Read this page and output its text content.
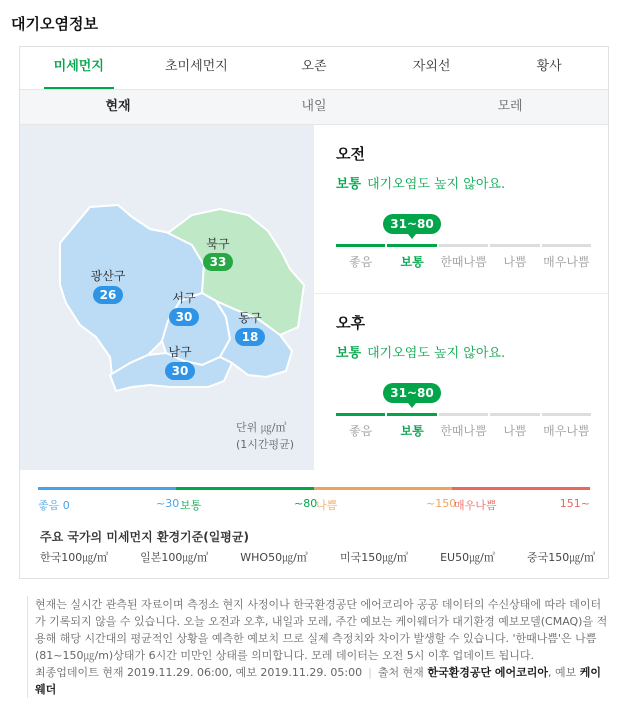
대기오염정보
미세먼지	초미세먼지	오존	자외선	황사
현재	내일	모레
광산구
26
북구
33
서구
30	동구
18
남구
30
단위 ㎍/㎥
(1시간평균)
오전
보통 대기오염도 높지 않아요.
31~80
좋음	보통	한때나쁨	나쁨	매우나쁨
오후
보통 대기오염도 높지 않아요.
31~80
좋음	보통	한때나쁨	나쁨	매우나쁨
좋음 0	~30 보통	~80
나쁨	~150
매우나쁨	151~
주요 국가의 미세먼지 환경기준(일평균)
한국100㎍/㎥	일본100㎍/㎥	WHO50㎍/㎥	미국150㎍/㎥	EU50㎍/㎥	중국150㎍/㎥
현재는 실시간 관측된 자료이며 측정소 현지 사정이나 한국환경공단 에어코리아 공공 데이터의 수신상태에 따라 데이터가 기록되지 않을 수 있습니다. 오늘 오전과 오후, 내일과 모레, 주간 예보는 케이웨더가 대기환경 예보모델(CMAQ)을 적용해 해당 시간대의 평균적인 상황을 예측한 예보치 므로 실제 측정치와 차이가 발생할 수 있습니다. '한때나쁨'은 나쁨(81~150㎍/m)상태가 6시간 미만인 상태를 의미합니다. 모레 데이터는 오전 5시 이후 업데이트 됩니다.
최종업데이트 현재 2019.11.29. 06:00, 예보 2019.11.29. 05:00 | 출처 현재 한국환경공단 에어코리아, 예보 케이웨더
